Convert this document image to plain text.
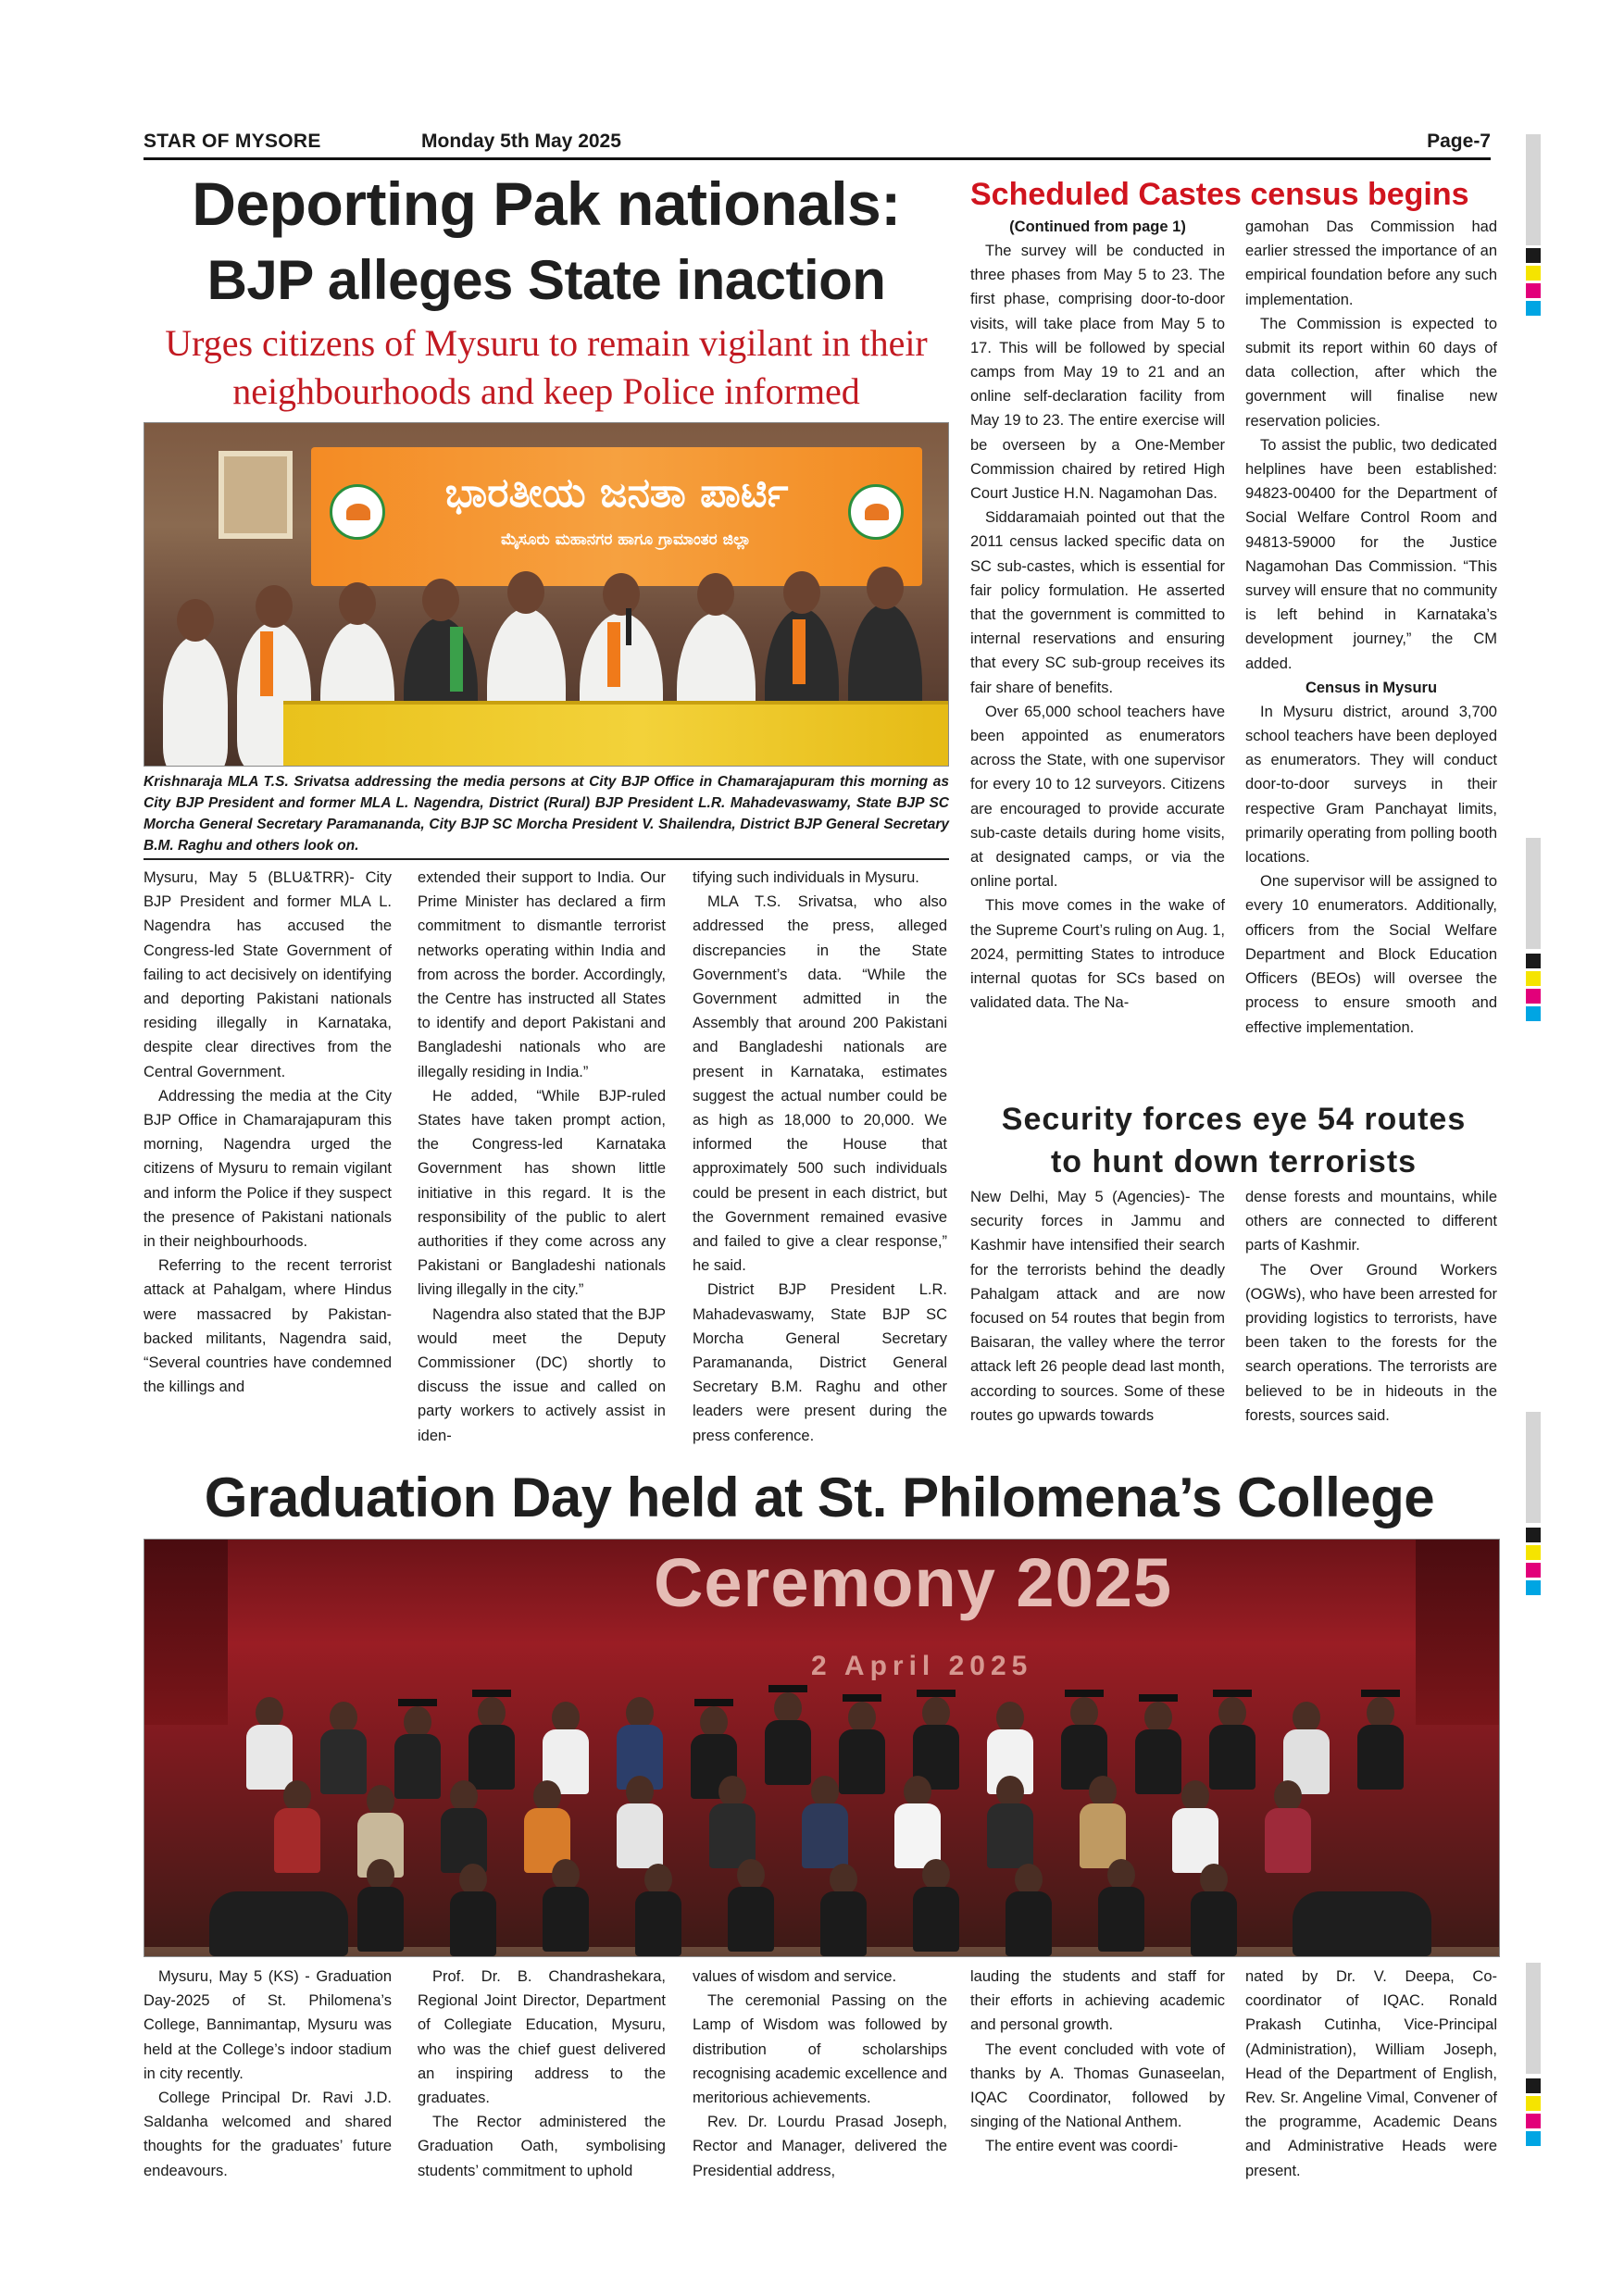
STAR OF MYSORE	Monday 5th May 2025	Page-7
Deporting Pak nationals:
BJP alleges State inaction
Urges citizens of Mysuru to remain vigilant in their neighbourhoods and keep Police informed
ಭಾರತೀಯ ಜನತಾ ಪಾರ್ಟಿ
ಮೈಸೂರು ಮಹಾನಗರ ಹಾಗೂ ಗ್ರಾಮಾಂತರ ಜಿಲ್ಲಾ
Krishnaraja MLA T.S. Srivatsa addressing the media persons at City BJP Office in Chamarajapuram this morning as City BJP President and former MLA L. Nagendra, District (Rural) BJP President L.R. Mahadevaswamy, State BJP SC Morcha General Secretary Paramananda, City BJP SC Morcha President V. Shailendra, District BJP General Secretary B.M. Raghu and others look on.

Mysuru, May 5 (BLU&TRR)- City BJP President and former MLA L. Nagendra has accused the Congress-led State Government of failing to act decisively on identifying and deporting Pakistani nationals residing illegally in Karnataka, despite clear directives from the Central Government.

Addressing the media at the City BJP Office in Chamarajapuram this morning, Nagendra urged the citizens of Mysuru to remain vigilant and inform the Police if they suspect the presence of Pakistani nationals in their neighbourhoods.

Referring to the recent terrorist attack at Pahalgam, where Hindus were massacred by Pakistan-backed militants, Nagendra said, “Several countries have condemned the killings and

extended their support to India. Our Prime Minister has declared a firm commitment to dismantle terrorist networks operating within India and from across the border. Accordingly, the Centre has instructed all States to identify and deport Pakistani and Bangladeshi nationals who are illegally residing in India.”

He added, “While BJP-ruled States have taken prompt action, the Congress-led Karnataka Government has shown little initiative in this regard. It is the responsibility of the public to alert authorities if they come across any Pakistani or Bangladeshi nationals living illegally in the city.”

Nagendra also stated that the BJP would meet the Deputy Commissioner (DC) shortly to discuss the issue and called on party workers to actively assist in iden-

tifying such individuals in Mysuru.

MLA T.S. Srivatsa, who also addressed the press, alleged discrepancies in the State Government’s data. “While the Government admitted in the Assembly that around 200 Pakistani and Bangladeshi nationals are present in Karnataka, estimates suggest the actual number could be as high as 18,000 to 20,000. We informed the House that approximately 500 such individuals could be present in each district, but the Government remained evasive and failed to give a clear response,” he said.

District BJP President L.R. Mahadevaswamy, State BJP SC Morcha General Secretary Paramananda, District General Secretary B.M. Raghu and other leaders were present during the press conference.

Scheduled Castes census begins
(Continued from page 1)

The survey will be conducted in three phases from May 5 to 23. The first phase, comprising door-to-door visits, will take place from May 5 to 17. This will be followed by special camps from May 19 to 21 and an online self-declaration facility from May 19 to 23. The entire exercise will be overseen by a One-Member Commission chaired by retired High Court Justice H.N. Nagamohan Das.

Siddaramaiah pointed out that the 2011 census lacked specific data on SC sub-castes, which is essential for fair policy formulation. He asserted that the government is committed to internal reservations and ensuring that every SC sub-group receives its fair share of benefits.

Over 65,000 school teachers have been appointed as enumerators across the State, with one supervisor for every 10 to 12 surveyors. Citizens are encouraged to provide accurate sub-caste details during home visits, at designated camps, or via the online portal.

This move comes in the wake of the Supreme Court’s ruling on Aug. 1, 2024, permitting States to introduce internal quotas for SCs based on validated data. The Na-

gamohan Das Commission had earlier stressed the importance of an empirical foundation before any such implementation.

The Commission is expected to submit its report within 60 days of data collection, after which the government will finalise new reservation policies.

To assist the public, two dedicated helplines have been established: 94823-00400 for the Department of Social Welfare Control Room and 94813-59000 for the Justice Nagamohan Das Commission. “This survey will ensure that no community is left behind in Karnataka’s development journey,” the CM added.

Census in Mysuru

In Mysuru district, around 3,700 school teachers have been deployed as enumerators. They will conduct door-to-door surveys in their respective Gram Panchayat limits, primarily operating from polling booth locations.

One supervisor will be assigned to every 10 enumerators. Additionally, officers from the Social Welfare Department and Block Education Officers (BEOs) will oversee the process to ensure smooth and effective implementation.

Security forces eye 54 routes
to hunt down terrorists

New Delhi, May 5 (Agencies)- The security forces in Jammu and Kashmir have intensified their search for the terrorists behind the deadly Pahalgam attack and are now focused on 54 routes that begin from Baisaran, the valley where the terror attack left 26 people dead last month, according to sources. Some of these routes go upwards towards

dense forests and mountains, while others are connected to different parts of Kashmir.

The Over Ground Workers (OGWs), who have been arrested for providing logistics to terrorists, have been taken to the forests for the search operations. The terrorists are believed to be in hideouts in the forests, sources said.

Graduation Day held at St. Philomena’s College
Ceremony 2025
2 April 2025

Mysuru, May 5 (KS) - Graduation Day-2025 of St. Philomena’s College, Bannimantap, Mysuru was held at the College’s indoor stadium in city recently.

College Principal Dr. Ravi J.D. Saldanha welcomed and shared thoughts for the graduates’ future endeavours.

Prof. Dr. B. Chandrashekara, Regional Joint Director, Department of Collegiate Education, Mysuru, who was the chief guest delivered an inspiring address to the graduates.

The Rector administered the Graduation Oath, symbolising students’ commitment to uphold

values of wisdom and service.

The ceremonial Passing on the Lamp of Wisdom was followed by distribution of scholarships recognising academic excellence and meritorious achievements.

Rev. Dr. Lourdu Prasad Joseph, Rector and Manager, delivered the Presidential address,

lauding the students and staff for their efforts in achieving academic and personal growth.

The event concluded with vote of thanks by A. Thomas Gunaseelan, IQAC Coordinator, followed by singing of the National Anthem.

The entire event was coordi-

nated by Dr. V. Deepa, Co-coordinator of IQAC. Ronald Prakash Cutinha, Vice-Principal (Administration), William Joseph, Head of the Department of English, Rev. Sr. Angeline Vimal, Convener of the programme, Academic Deans and Administrative Heads were present.
